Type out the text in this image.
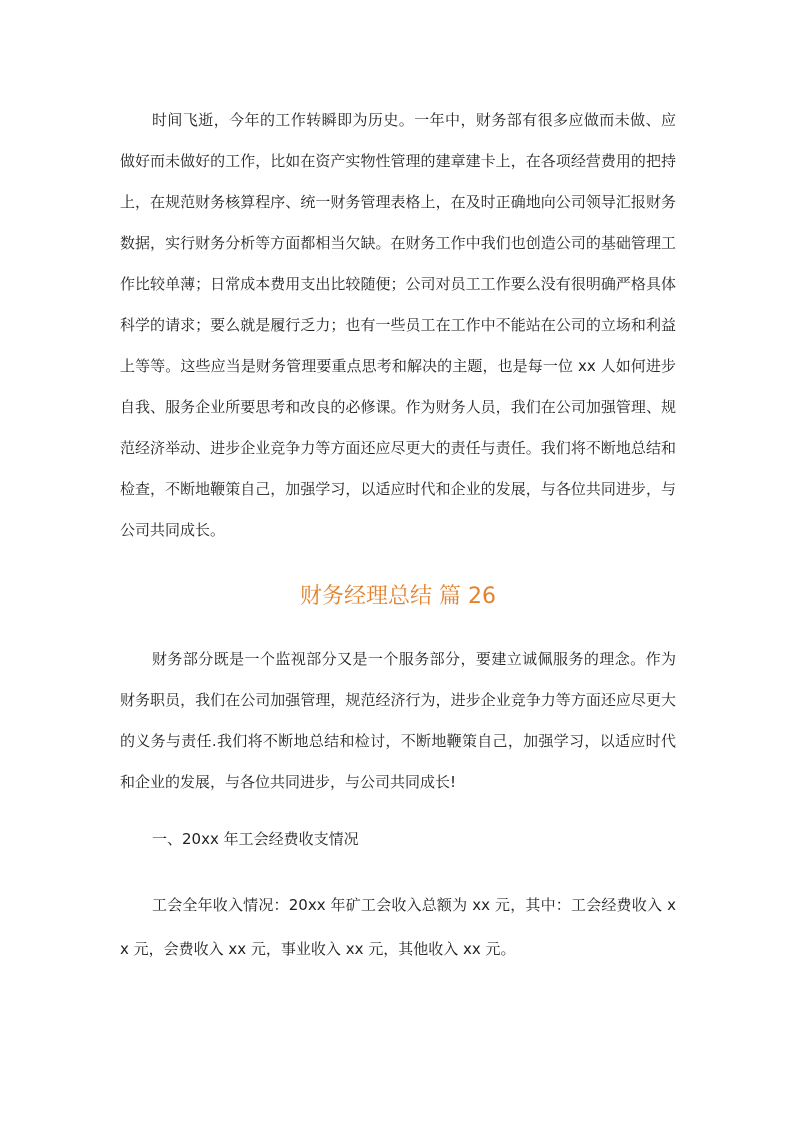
时间飞逝，今年的工作转瞬即为历史。一年中，财务部有很多应做而未做、应做好而未做好的工作，比如在资产实物性管理的建章建卡上，在各项经营费用的把持上，在规范财务核算程序、统一财务管理表格上，在及时正确地向公司领导汇报财务数据，实行财务分析等方面都相当欠缺。在财务工作中我们也创造公司的基础管理工作比较单薄；日常成本费用支出比较随便；公司对员工工作要么没有很明确严格具体科学的请求；要么就是履行乏力；也有一些员工在工作中不能站在公司的立场和利益上等等。这些应当是财务管理要重点思考和解决的主题，也是每一位 xx 人如何进步自我、服务企业所要思考和改良的必修课。作为财务人员，我们在公司加强管理、规范经济举动、进步企业竞争力等方面还应尽更大的责任与责任。我们将不断地总结和检查，不断地鞭策自己，加强学习，以适应时代和企业的发展，与各位共同进步，与公司共同成长。

财务经理总结 篇 26

财务部分既是一个监视部分又是一个服务部分，要建立诚佩服务的理念。作为财务职员，我们在公司加强管理，规范经济行为，进步企业竞争力等方面还应尽更大的义务与责任.我们将不断地总结和检讨，不断地鞭策自己，加强学习，以适应时代和企业的发展，与各位共同进步，与公司共同成长!

一、20xx 年工会经费收支情况

工会全年收入情况：20xx 年矿工会收入总额为 xx 元，其中：工会经费收入 xx 元，会费收入 xx 元，事业收入 xx 元，其他收入 xx 元。
